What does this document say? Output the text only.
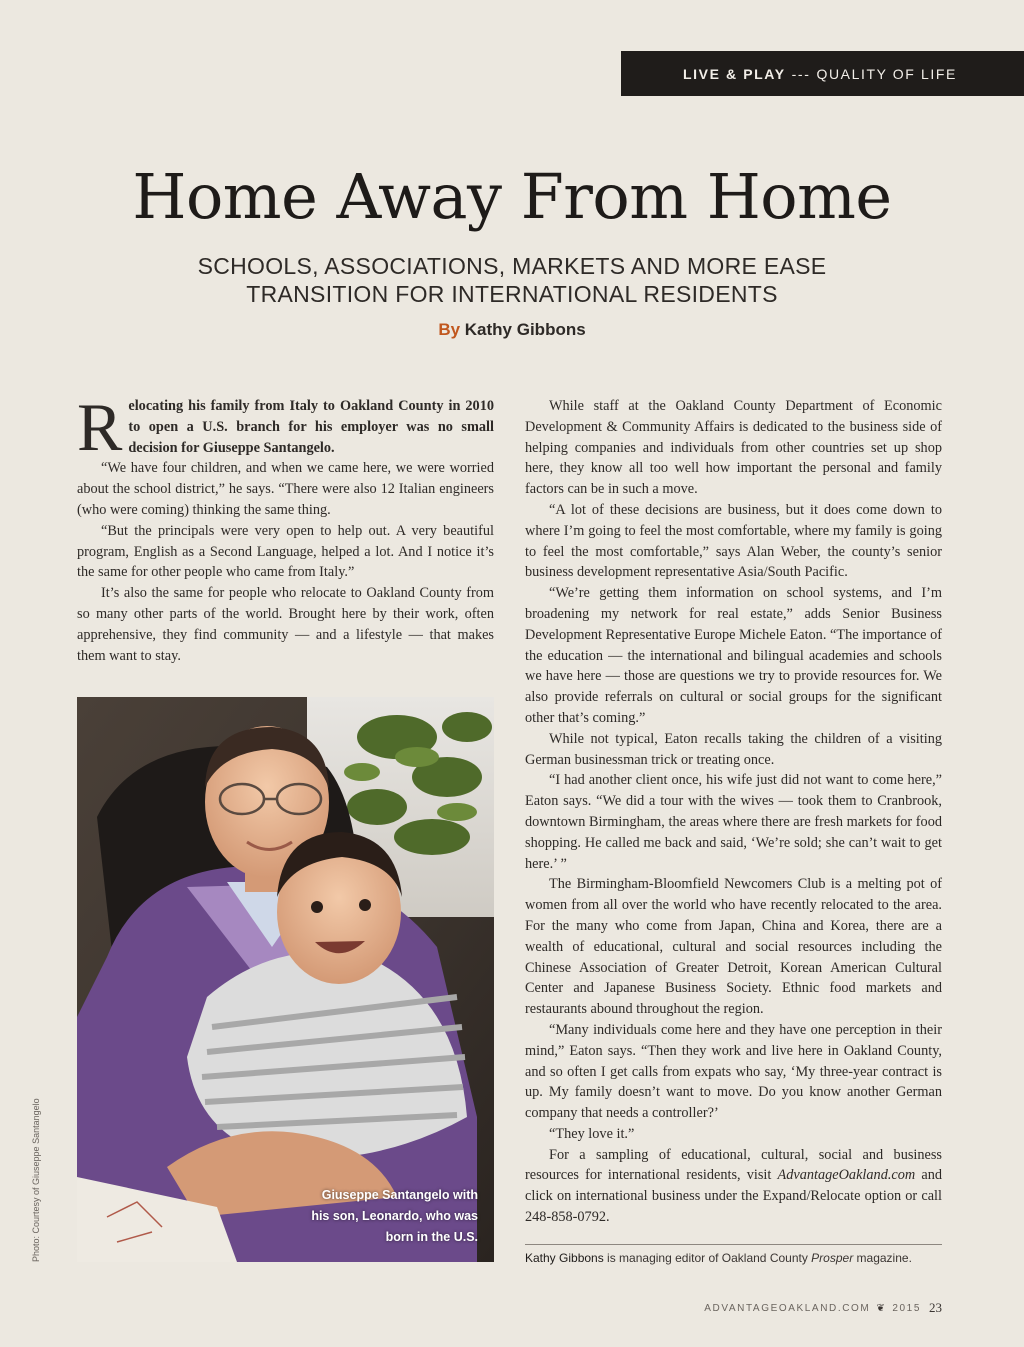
LIVE & PLAY --- QUALITY OF LIFE
Home Away From Home
SCHOOLS, ASSOCIATIONS, MARKETS AND MORE EASE
TRANSITION FOR INTERNATIONAL RESIDENTS
By Kathy Gibbons

Relocating his family from Italy to Oakland County in 2010 to open a U.S. branch for his employer was no small decision for Giuseppe Santangelo.

“We have four children, and when we came here, we were worried about the school district,” he says. “There were also 12 Italian engineers (who were coming) thinking the same thing.

“But the principals were very open to help out. A very beautiful program, English as a Second Language, helped a lot. And I notice it’s the same for other people who came from Italy.”

It’s also the same for people who relocate to Oakland County from so many other parts of the world. Brought here by their work, often apprehensive, they find community — and a lifestyle — that makes them want to stay.

Giuseppe Santangelo with
his son, Leonardo, who was
born in the U.S.
Photo: Courtesy of Giuseppe Santangelo

While staff at the Oakland County Department of Economic Development & Community Affairs is dedicated to the business side of helping companies and individuals from other countries set up shop here, they know all too well how important the personal and family factors can be in such a move.

“A lot of these decisions are business, but it does come down to where I’m going to feel the most comfortable, where my family is going to feel the most comfortable,” says Alan Weber, the county’s senior business development representative Asia/South Pacific.

“We’re getting them information on school systems, and I’m broadening my network for real estate,” adds Senior Business Development Representative Europe Michele Eaton. “The importance of the education — the international and bilingual academies and schools we have here — those are questions we try to provide resources for. We also provide referrals on cultural or social groups for the significant other that’s coming.”

While not typical, Eaton recalls taking the children of a visiting German businessman trick or treating once.

“I had another client once, his wife just did not want to come here,” Eaton says. “We did a tour with the wives — took them to Cranbrook, downtown Birmingham, the areas where there are fresh markets for food shopping. He called me back and said, ‘We’re sold; she can’t wait to get here.’ ”

The Birmingham-Bloomfield Newcomers Club is a melting pot of women from all over the world who have recently relocated to the area. For the many who come from Japan, China and Korea, there are a wealth of educational, cultural and social resources including the Chinese Association of Greater Detroit, Korean American Cultural Center and Japanese Business Society. Ethnic food markets and restaurants abound throughout the region.

“Many individuals come here and they have one perception in their mind,” Eaton says. “Then they work and live here in Oakland County, and so often I get calls from expats who say, ‘My three-year contract is up. My family doesn’t want to move. Do you know another German company that needs a controller?’

“They love it.”

For a sampling of educational, cultural, social and business resources for international residents, visit AdvantageOakland.com and click on international business under the Expand/Relocate option or call 248-858-0792.

Kathy Gibbons is managing editor of Oakland County Prosper magazine.
ADVANTAGEOAKLAND.COM ❦ 2015 23
